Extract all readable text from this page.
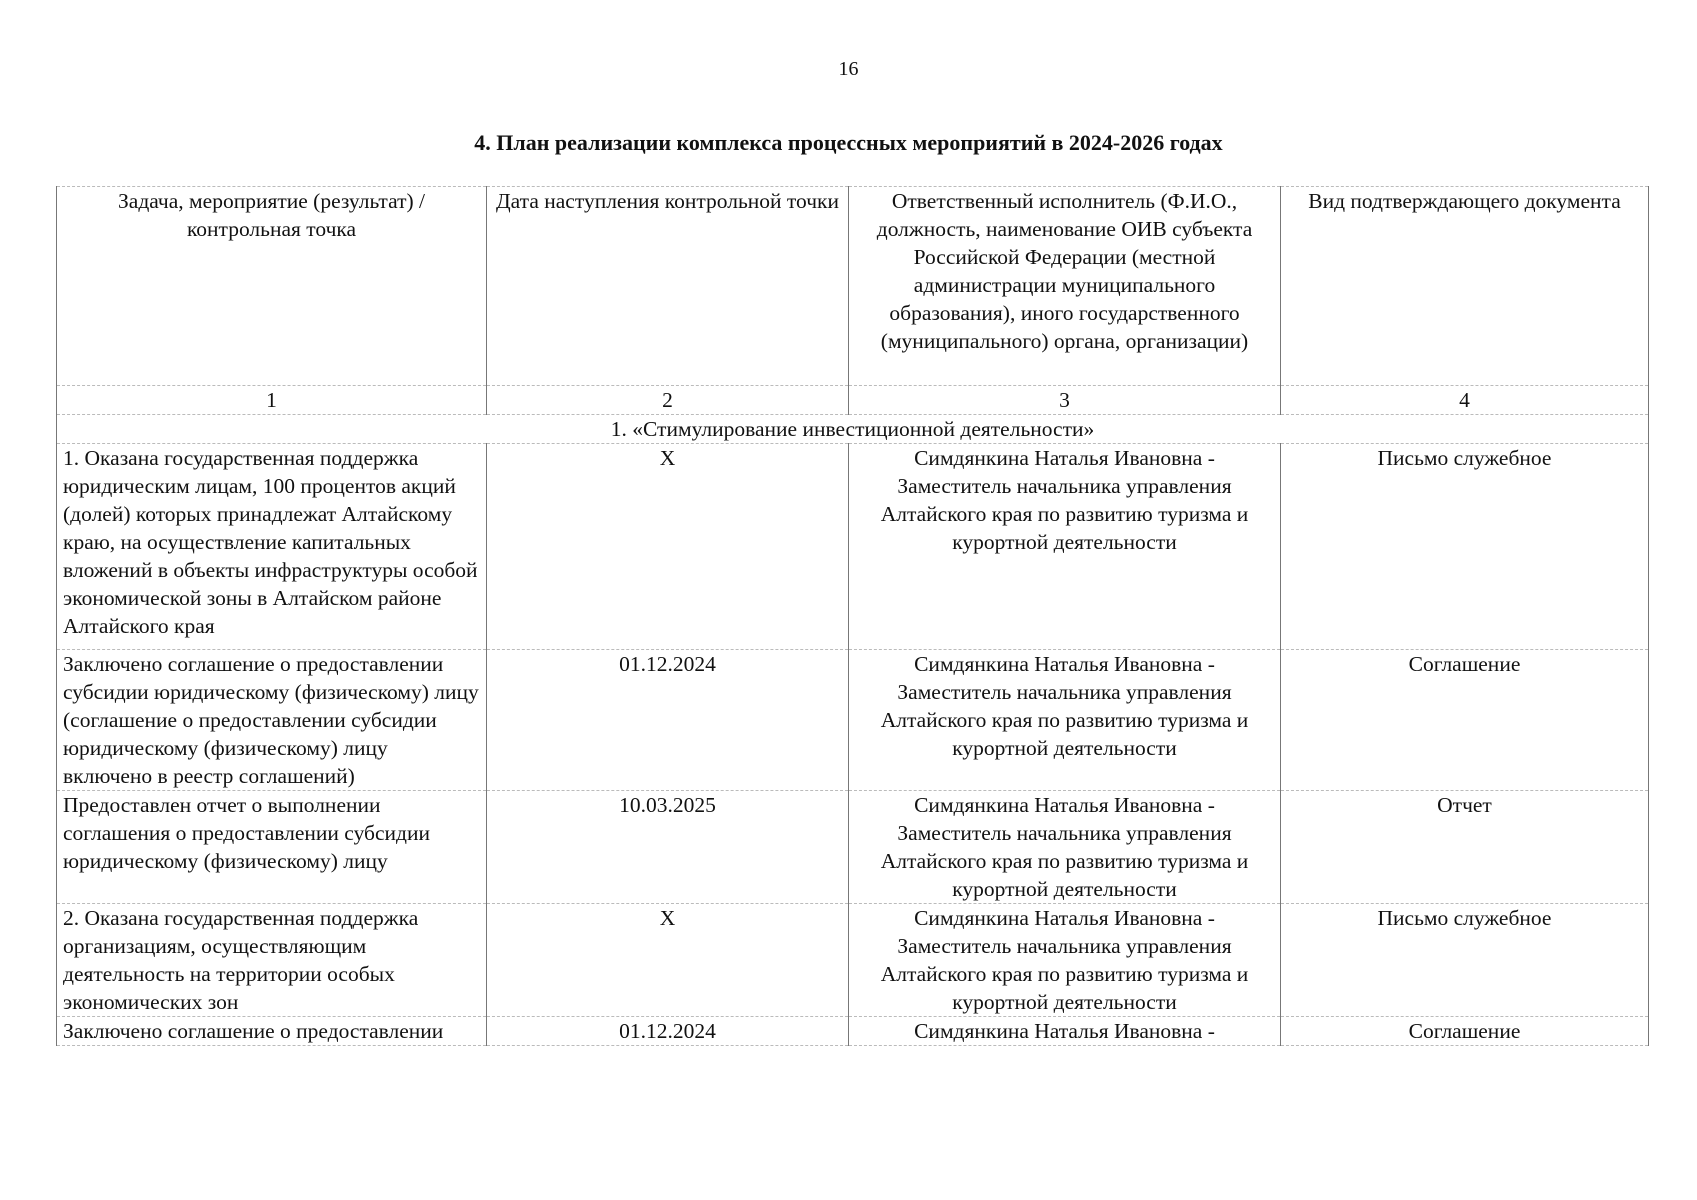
16
4. План реализации комплекса процессных мероприятий в 2024-2026 годах
Задача, мероприятие (результат) / контрольная точка	Дата наступления контрольной точки	Ответственный исполнитель (Ф.И.О., должность, наименование ОИВ субъекта Российской Федерации (местной администрации муниципального образования), иного государственного (муниципального) органа, организации)	Вид подтверждающего документа
1	2	3	4
1. «Стимулирование инвестиционной деятельности»			
1. Оказана государственная поддержка юридическим лицам, 100 процентов акций (долей) которых принадлежат Алтайскому краю, на осуществление капитальных вложений в объекты инфраструктуры особой экономической зоны в Алтайском районе Алтайского края	X	Симдянкина Наталья Ивановна - Заместитель начальника управления Алтайского края по развитию туризма и курортной деятельности	Письмо служебное
Заключено соглашение о предоставлении субсидии юридическому (физическому) лицу (соглашение о предоставлении субсидии юридическому (физическому) лицу включено в реестр соглашений)	01.12.2024	Симдянкина Наталья Ивановна - Заместитель начальника управления Алтайского края по развитию туризма и курортной деятельности	Соглашение
Предоставлен отчет о выполнении соглашения о предоставлении субсидии юридическому (физическому) лицу	10.03.2025	Симдянкина Наталья Ивановна - Заместитель начальника управления Алтайского края по развитию туризма и курортной деятельности	Отчет
2. Оказана государственная поддержка организациям, осуществляющим деятельность на территории особых экономических зон	X	Симдянкина Наталья Ивановна - Заместитель начальника управления Алтайского края по развитию туризма и курортной деятельности	Письмо служебное
Заключено соглашение о предоставлении	01.12.2024	Симдянкина Наталья Ивановна -	Соглашение
